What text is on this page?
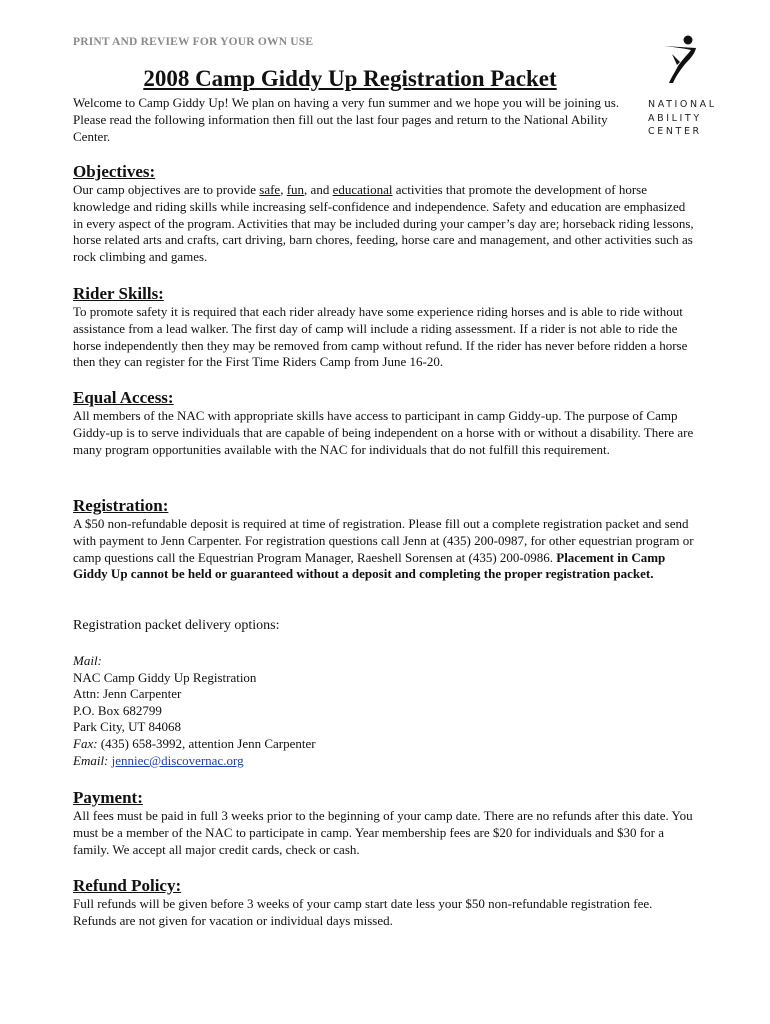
PRINT AND REVIEW FOR YOUR OWN USE
2008 Camp Giddy Up Registration Packet
NATIONAL
ABILITY
CENTER
Welcome to Camp Giddy Up! We plan on having a very fun summer and we hope you will be joining us. Please read the following information then fill out the last four pages and return to the National Ability Center.
Objectives:

Our camp objectives are to provide safe, fun, and educational activities that promote the development of horse knowledge and riding skills while increasing self-confidence and independence. Safety and education are emphasized in every aspect of the program. Activities that may be included during your camper’s day are; horseback riding lessons, horse related arts and crafts, cart driving, barn chores, feeding, horse care and management, and other activities such as rock climbing and games.

Rider Skills:

To promote safety it is required that each rider already have some experience riding horses and is able to ride without assistance from a lead walker. The first day of camp will include a riding assessment. If a rider is not able to ride the horse independently then they may be removed from camp without refund. If the rider has never before ridden a horse then they can register for the First Time Riders Camp from June 16-20.

Equal Access:

All members of the NAC with appropriate skills have access to participant in camp Giddy-up. The purpose of Camp Giddy-up is to serve individuals that are capable of being independent on a horse with or without a disability. There are many program opportunities available with the NAC for individuals that do not fulfill this requirement.

Registration:

A $50 non-refundable deposit is required at time of registration. Please fill out a complete registration packet and send with payment to Jenn Carpenter. For registration questions call Jenn at (435) 200-0987, for other equestrian program or camp questions call the Equestrian Program Manager, Raeshell Sorensen at (435) 200-0986. Placement in Camp Giddy Up cannot be held or guaranteed without a deposit and completing the proper registration packet.

Registration packet delivery options:
Mail:
NAC Camp Giddy Up Registration
Attn: Jenn Carpenter
P.O. Box 682799
Park City, UT 84068
Fax: (435) 658-3992, attention Jenn Carpenter
Email: jenniec@discovernac.org
Payment:

All fees must be paid in full 3 weeks prior to the beginning of your camp date. There are no refunds after this date. You must be a member of the NAC to participate in camp. Year membership fees are $20 for individuals and $30 for a family. We accept all major credit cards, check or cash.

Refund Policy:

Full refunds will be given before 3 weeks of your camp start date less your $50 non-refundable registration fee. Refunds are not given for vacation or individual days missed.
